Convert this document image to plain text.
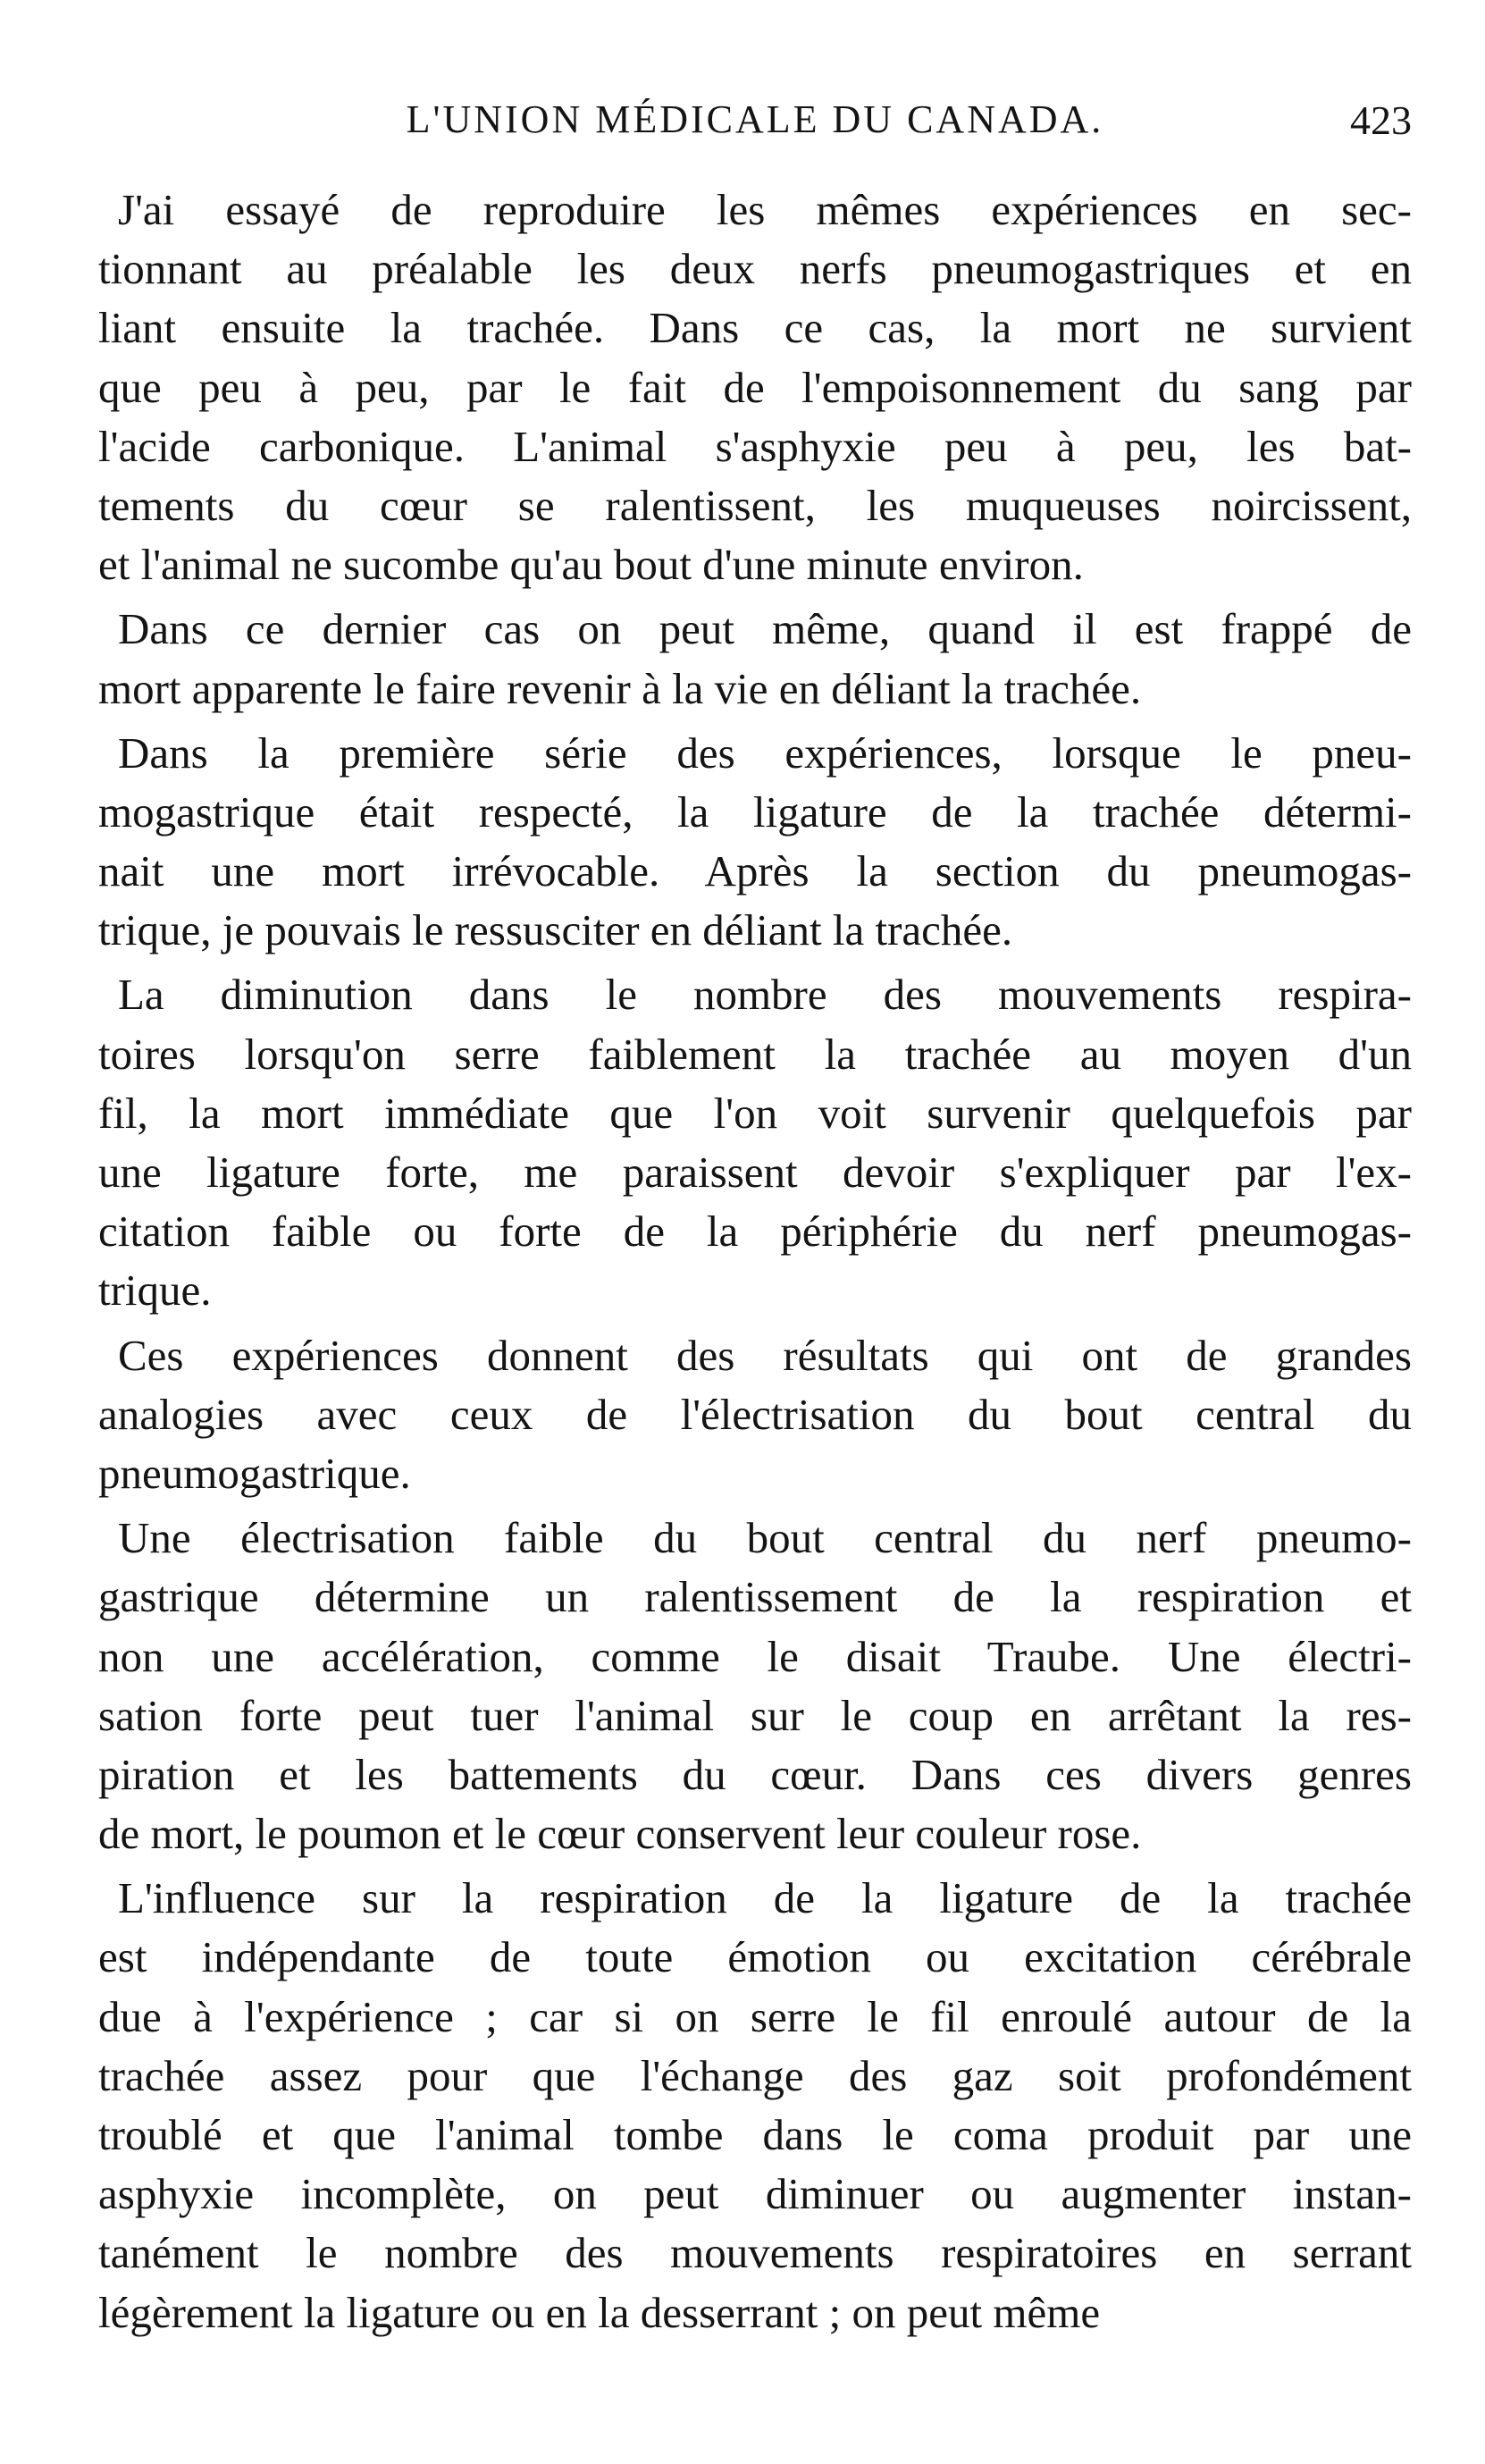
L'UNION MÉDICALE DU CANADA.	423
J'ai essayé de reproduire les mêmes expériences en sec-
tionnant au préalable les deux nerfs pneumogastriques et en
liant ensuite la trachée. Dans ce cas, la mort ne survient
que peu à peu, par le fait de l'empoisonnement du sang par
l'acide carbonique. L'animal s'asphyxie peu à peu, les bat-
tements du cœur se ralentissent, les muqueuses noircissent,
et l'animal ne sucombe qu'au bout d'une minute environ.
Dans ce dernier cas on peut même, quand il est frappé de
mort apparente le faire revenir à la vie en déliant la trachée.
Dans la première série des expériences, lorsque le pneu-
mogastrique était respecté, la ligature de la trachée détermi-
nait une mort irrévocable. Après la section du pneumogas-
trique, je pouvais le ressusciter en déliant la trachée.
La diminution dans le nombre des mouvements respira-
toires lorsqu'on serre faiblement la trachée au moyen d'un
fil, la mort immédiate que l'on voit survenir quelquefois par
une ligature forte, me paraissent devoir s'expliquer par l'ex-
citation faible ou forte de la périphérie du nerf pneumogas-
trique.
Ces expériences donnent des résultats qui ont de grandes
analogies avec ceux de l'électrisation du bout central du
pneumogastrique.
Une électrisation faible du bout central du nerf pneumo-
gastrique détermine un ralentissement de la respiration et
non une accélération, comme le disait Traube. Une électri-
sation forte peut tuer l'animal sur le coup en arrêtant la res-
piration et les battements du cœur. Dans ces divers genres
de mort, le poumon et le cœur conservent leur couleur rose.
L'influence sur la respiration de la ligature de la trachée
est indépendante de toute émotion ou excitation cérébrale
due à l'expérience ; car si on serre le fil enroulé autour de la
trachée assez pour que l'échange des gaz soit profondément
troublé et que l'animal tombe dans le coma produit par une
asphyxie incomplète, on peut diminuer ou augmenter instan-
tanément le nombre des mouvements respiratoires en serrant
légèrement la ligature ou en la desserrant ; on peut même
